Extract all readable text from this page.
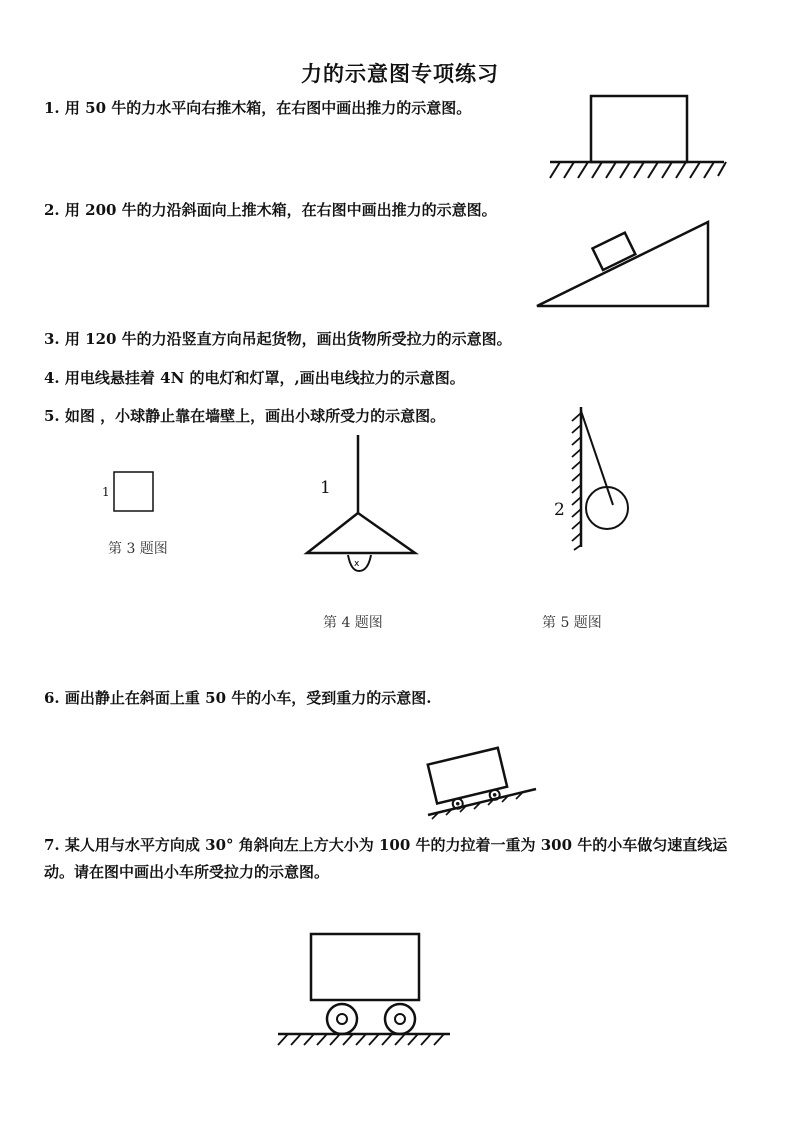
力的示意图专项练习
1. 用 50 牛的力水平向右推木箱，在右图中画出推力的示意图。
2. 用 200 牛的力沿斜面向上推木箱，在右图中画出推力的示意图。
3. 用 120 牛的力沿竖直方向吊起货物，画出货物所受拉力的示意图。
4. 用电线悬挂着 4N 的电灯和灯罩，,画出电线拉力的示意图。
5. 如图 ，小球静止靠在墙壁上，画出小球所受力的示意图。
1
第 3 题图
1
x
第 4 题图
2
第 5 题图
6. 画出静止在斜面上重 50 牛的小车，受到重力的示意图.
7. 某人用与水平方向成 30° 角斜向左上方大小为 100 牛的力拉着一重为 300 牛的小车做匀速直线运动。请在图中画出小车所受拉力的示意图。
